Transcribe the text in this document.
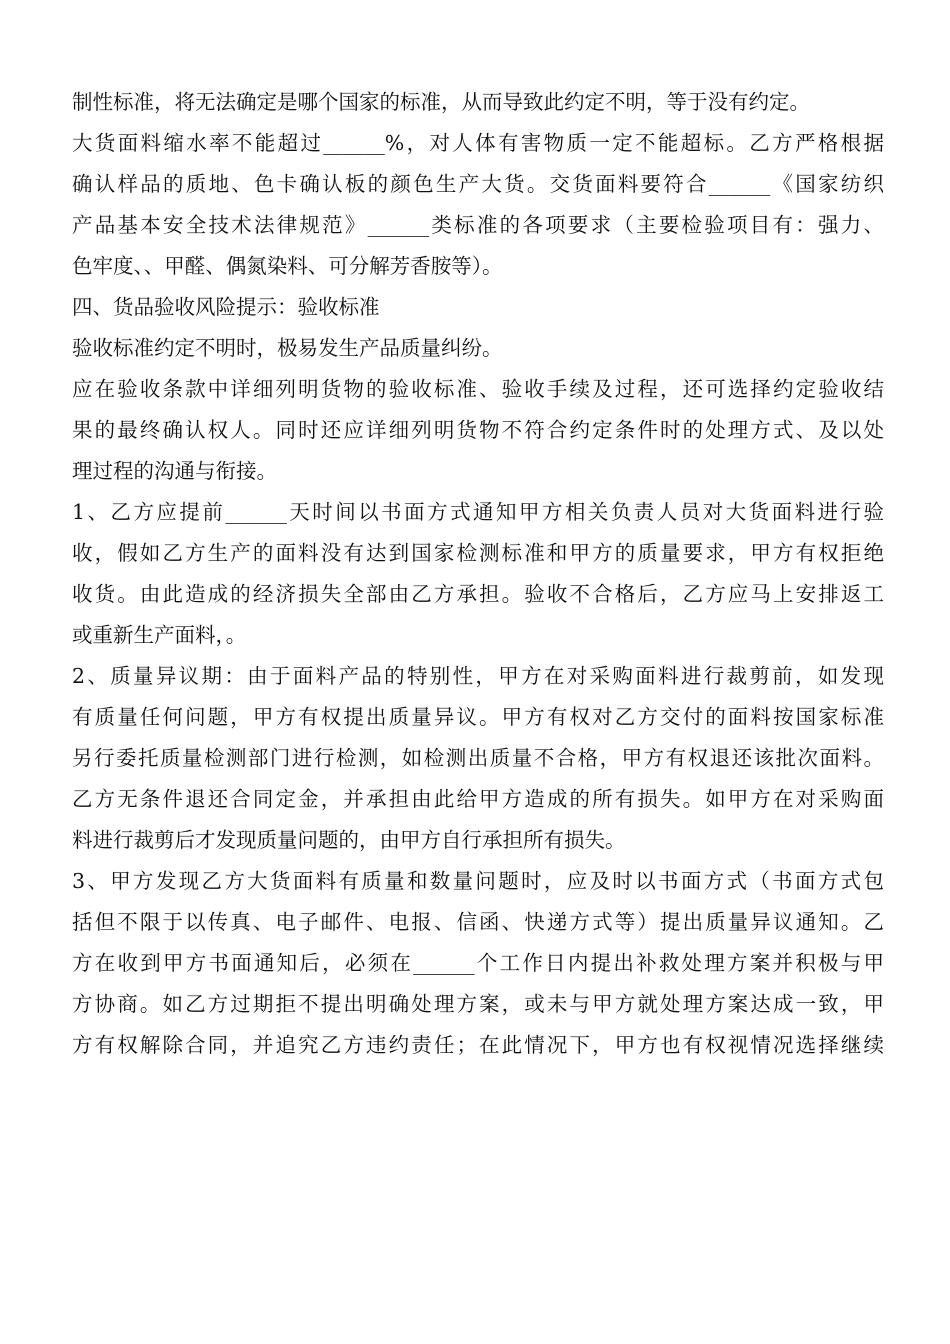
制性标准，将无法确定是哪个国家的标准，从而导致此约定不明，等于没有约定。
大货面料缩水率不能超过______%，对人体有害物质一定不能超标。乙方严格根据
确认样品的质地、色卡确认板的颜色生产大货。交货面料要符合______《国家纺织
产品基本安全技术法律规范》______类标准的各项要求（主要检验项目有：强力、
色牢度、、甲醛、偶氮染料、可分解芳香胺等）。
四、货品验收风险提示：验收标准
验收标准约定不明时，极易发生产品质量纠纷。
应在验收条款中详细列明货物的验收标准、验收手续及过程，还可选择约定验收结
果的最终确认权人。同时还应详细列明货物不符合约定条件时的处理方式、及以处
理过程的沟通与衔接。
1、乙方应提前______天时间以书面方式通知甲方相关负责人员对大货面料进行验
收，假如乙方生产的面料没有达到国家检测标准和甲方的质量要求，甲方有权拒绝
收货。由此造成的经济损失全部由乙方承担。验收不合格后，乙方应马上安排返工
或重新生产面料，。
2、质量异议期：由于面料产品的特别性，甲方在对采购面料进行裁剪前，如发现
有质量任何问题，甲方有权提出质量异议。甲方有权对乙方交付的面料按国家标准
另行委托质量检测部门进行检测，如检测出质量不合格，甲方有权退还该批次面料。
乙方无条件退还合同定金，并承担由此给甲方造成的所有损失。如甲方在对采购面
料进行裁剪后才发现质量问题的，由甲方自行承担所有损失。
3、甲方发现乙方大货面料有质量和数量问题时，应及时以书面方式（书面方式包
括但不限于以传真、电子邮件、电报、信函、快递方式等）提出质量异议通知。乙
方在收到甲方书面通知后，必须在______个工作日内提出补救处理方案并积极与甲
方协商。如乙方过期拒不提出明确处理方案，或未与甲方就处理方案达成一致，甲
方有权解除合同，并追究乙方违约责任；在此情况下，甲方也有权视情况选择继续
